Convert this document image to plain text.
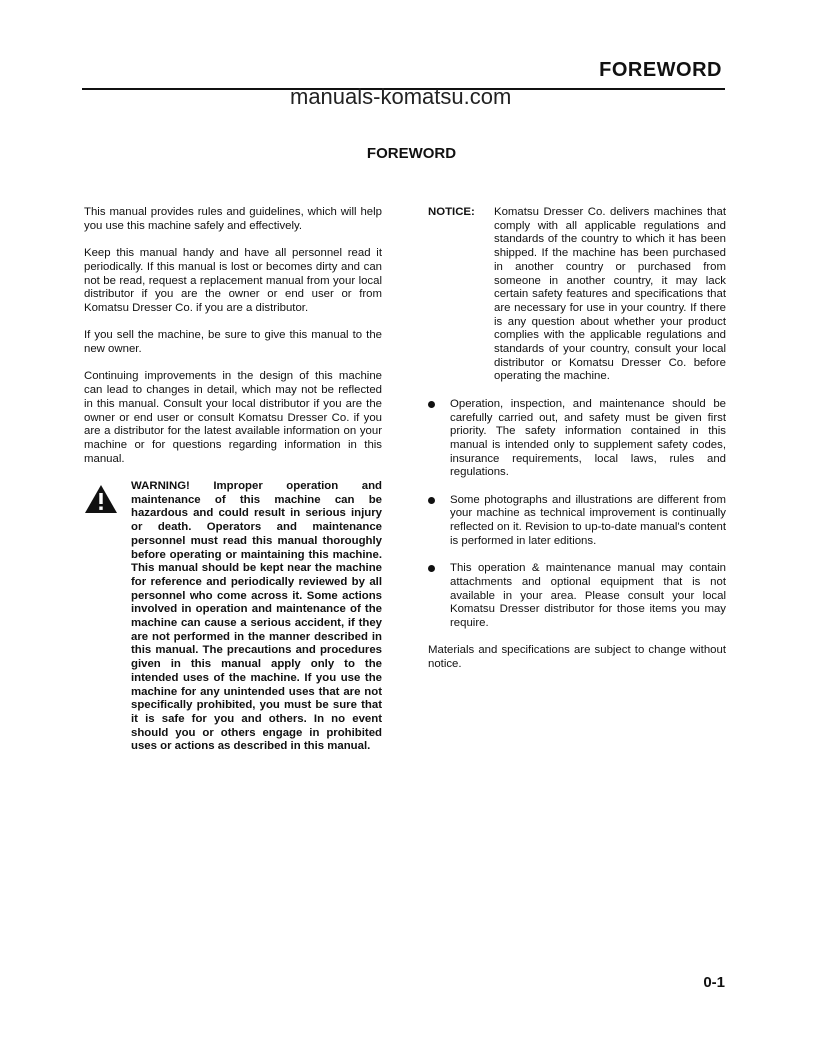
FOREWORD
manuals-komatsu.com
FOREWORD

This manual provides rules and guidelines, which will help you use this machine safely and effectively.

Keep this manual handy and have all personnel read it periodically. If this manual is lost or becomes dirty and can not be read, request a replacement manual from your local distributor if you are the owner or end user or from Komatsu Dresser Co. if you are a distributor.

If you sell the machine, be sure to give this manual to the new owner.

Continuing improvements in the design of this machine can lead to changes in detail, which may not be reflected in this manual. Consult your local distributor if you are the owner or end user or consult Komatsu Dresser Co. if you are a distributor for the latest available information on your machine or for questions regarding information in this manual.

WARNING! Improper operation and maintenance of this machine can be hazardous and could result in serious injury or death. Operators and maintenance personnel must read this manual thoroughly before operating or maintaining this machine. This manual should be kept near the machine for reference and periodically reviewed by all personnel who come across it. Some actions involved in operation and maintenance of the machine can cause a serious accident, if they are not performed in the manner described in this manual. The precautions and procedures given in this manual apply only to the intended uses of the machine. If you use the machine for any unintended uses that are not specifically prohibited, you must be sure that it is safe for you and others. In no event should you or others engage in prohibited uses or actions as described in this manual.
NOTICE: Komatsu Dresser Co. delivers machines that comply with all applicable regulations and standards of the country to which it has been shipped. If the machine has been purchased in another country or purchased from someone in another country, it may lack certain safety features and specifications that are necessary for use in your country. If there is any question about whether your product complies with the applicable regulations and standards of your country, consult your local distributor or Komatsu Dresser Co. before operating the machine.
Operation, inspection, and maintenance should be carefully carried out, and safety must be given first priority. The safety information contained in this manual is intended only to supplement safety codes, insurance requirements, local laws, rules and regulations.
Some photographs and illustrations are different from your machine as technical improvement is continually reflected on it. Revision to up-to-date manual's content is performed in later editions.
This operation & maintenance manual may contain attachments and optional equipment that is not available in your area. Please consult your local Komatsu Dresser distributor for those items you may require.

Materials and specifications are subject to change without notice.

0-1
